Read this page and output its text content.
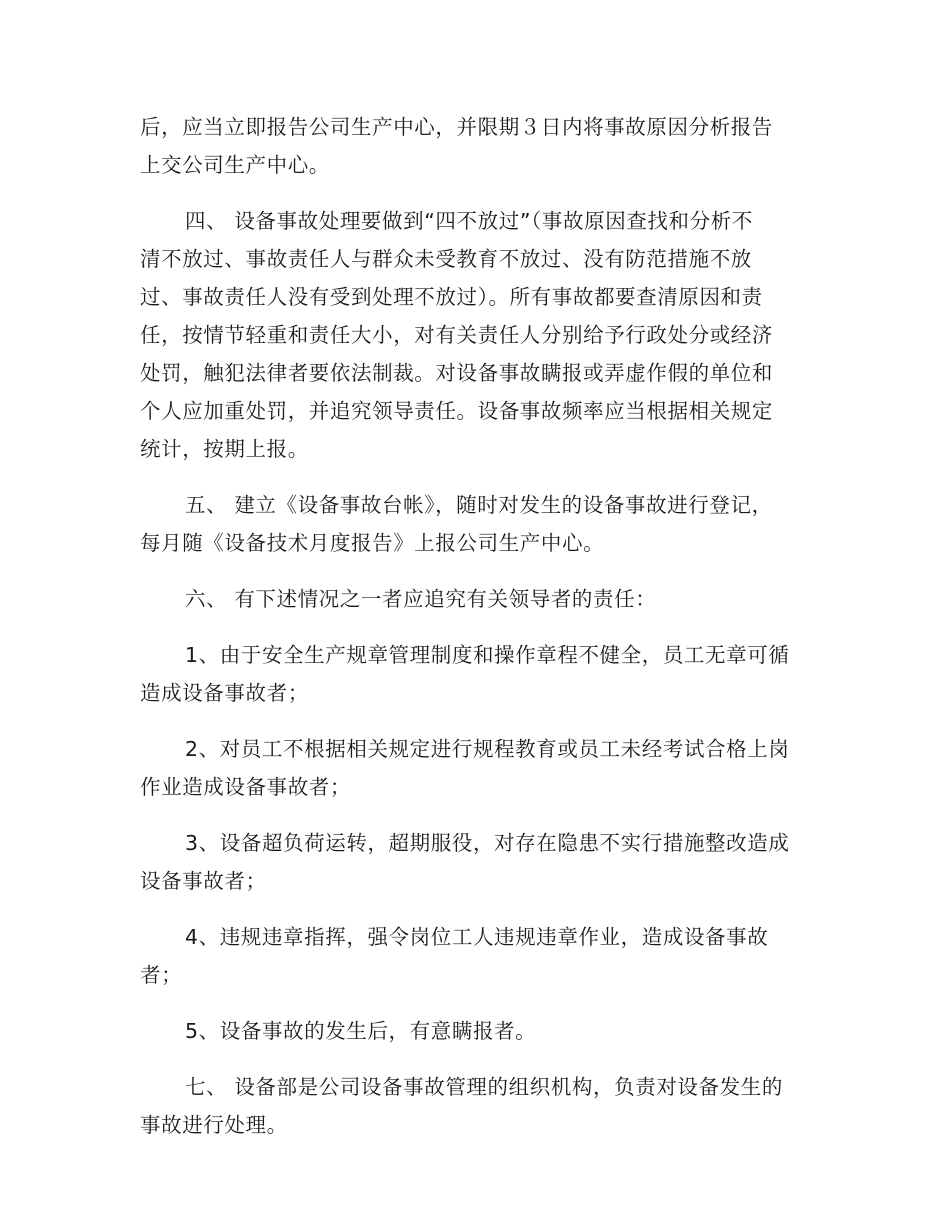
后，应当立即报告公司生产中心，并限期３日内将事故原因分析报告

上交公司生产中心。

四、 设备事故处理要做到“四不放过”（事故原因查找和分析不

清不放过、事故责任人与群众未受教育不放过、没有防范措施不放

过、事故责任人没有受到处理不放过）。所有事故都要查清原因和责

任，按情节轻重和责任大小，对有关责任人分别给予行政处分或经济

处罚，触犯法律者要依法制裁。对设备事故瞒报或弄虚作假的单位和

个人应加重处罚，并追究领导责任。设备事故频率应当根据相关规定

统计，按期上报。

五、 建立《设备事故台帐》，随时对发生的设备事故进行登记，

每月随《设备技术月度报告》上报公司生产中心。

六、 有下述情况之一者应追究有关领导者的责任：

1、由于安全生产规章管理制度和操作章程不健全，员工无章可循

造成设备事故者；

2、对员工不根据相关规定进行规程教育或员工未经考试合格上岗

作业造成设备事故者；

3、设备超负荷运转，超期服役，对存在隐患不实行措施整改造成

设备事故者；

4、违规违章指挥，强令岗位工人违规违章作业，造成设备事故

者；

5、设备事故的发生后，有意瞒报者。

七、 设备部是公司设备事故管理的组织机构，负责对设备发生的

事故进行处理。
